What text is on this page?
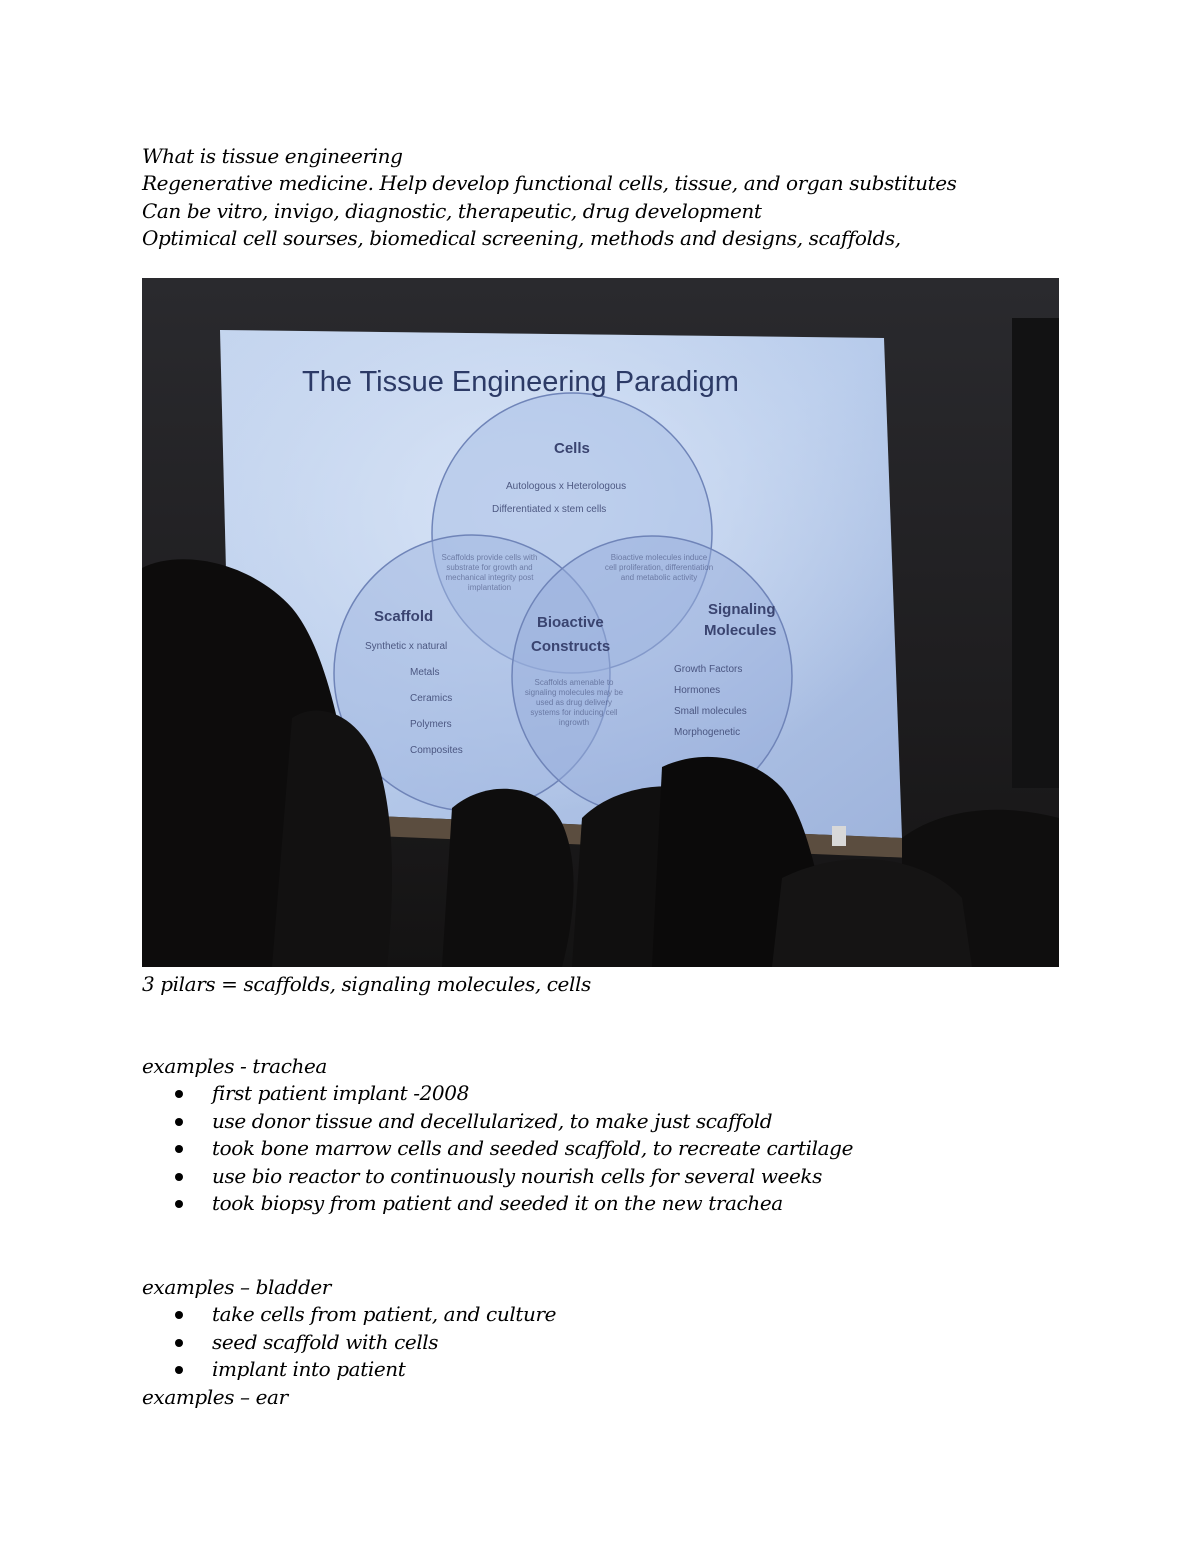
What is tissue engineering

Regenerative medicine. Help develop functional cells, tissue, and organ substitutes

Can be vitro, invigo, diagnostic, therapeutic, drug development

Optimical cell sourses, biomedical screening, methods and designs, scaffolds,

The Tissue Engineering Paradigm
Cells
Autologous x Heterologous
Differentiated x stem cells
Scaffold
Synthetic x natural
Metals
Ceramics
Polymers
Composites
Signaling
Molecules
Growth Factors
Hormones
Small molecules
Morphogenetic
Bioactive
Constructs
Scaffolds provide cells with substrate for growth and mechanical integrity post implantation
Bioactive molecules induce cell proliferation, differentiation and metabolic activity
Scaffolds amenable to signaling molecules may be used as drug delivery systems for inducing cell ingrowth

3 pilars = scaffolds, signaling molecules, cells

examples - trachea

first patient implant -2008
use donor tissue and decellularized, to make just scaffold
took bone marrow cells and seeded scaffold, to recreate cartilage
use bio reactor to continuously nourish cells for several weeks
took biopsy from patient and seeded it on the new trachea

examples – bladder

take cells from patient, and culture
seed scaffold with cells
implant into patient

examples – ear
